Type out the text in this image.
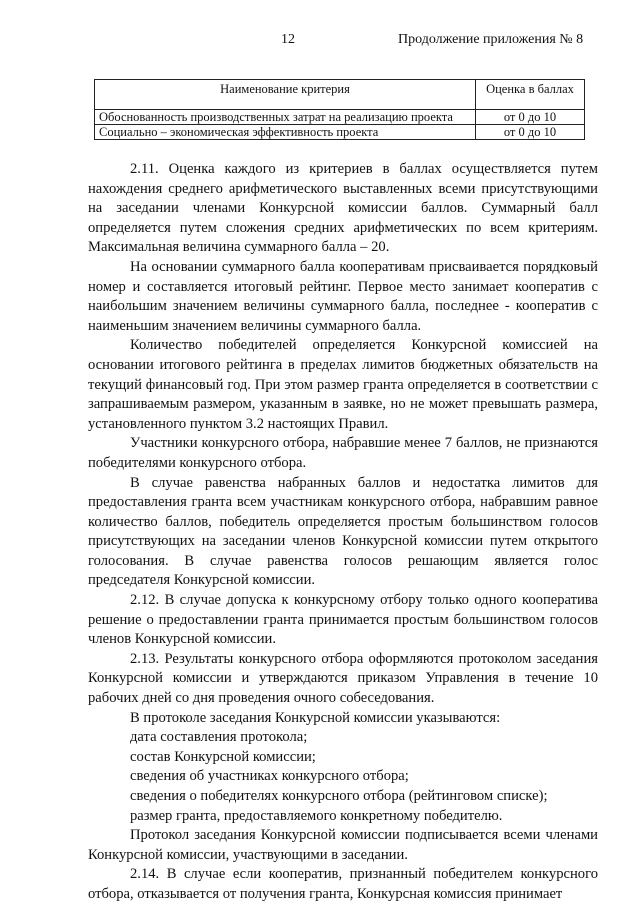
12	Продолжение приложения № 8
Наименование критерия	Оценка в баллах
Обоснованность производственных затрат на реализацию проекта	от 0 до 10
Социально – экономическая эффективность проекта	от 0 до 10

2.11. Оценка каждого из критериев в баллах осуществляется путем нахождения среднего арифметического выставленных всеми присутствующими на заседании членами Конкурсной комиссии баллов. Суммарный балл определяется путем сложения средних арифметических по всем критериям. Максимальная величина суммарного балла – 20.

На основании суммарного балла кооперативам присваивается порядковый номер и составляется итоговый рейтинг. Первое место занимает кооператив с наибольшим значением величины суммарного балла, последнее - кооператив с наименьшим значением величины суммарного балла.

Количество победителей определяется Конкурсной комиссией на основании итогового рейтинга в пределах лимитов бюджетных обязательств на текущий финансовый год. При этом размер гранта определяется в соответствии с запрашиваемым размером, указанным в заявке, но не может превышать размера, установленного пунктом 3.2 настоящих Правил.

Участники конкурсного отбора, набравшие менее 7 баллов, не признаются победителями конкурсного отбора.

В случае равенства набранных баллов и недостатка лимитов для предоставления гранта всем участникам конкурсного отбора, набравшим равное количество баллов, победитель определяется простым большинством голосов присутствующих на заседании членов Конкурсной комиссии путем открытого голосования. В случае равенства голосов решающим является голос председателя Конкурсной комиссии.

2.12. В случае допуска к конкурсному отбору только одного кооператива решение о предоставлении гранта принимается простым большинством голосов членов Конкурсной комиссии.

2.13. Результаты конкурсного отбора оформляются протоколом заседания Конкурсной комиссии и утверждаются приказом Управления в течение 10 рабочих дней со дня проведения очного собеседования.

В протоколе заседания Конкурсной комиссии указываются:

дата составления протокола;

состав Конкурсной комиссии;

сведения об участниках конкурсного отбора;

сведения о победителях конкурсного отбора (рейтинговом списке);

размер гранта, предоставляемого конкретному победителю.

Протокол заседания Конкурсной комиссии подписывается всеми членами Конкурсной комиссии, участвующими в заседании.

2.14. В случае если кооператив, признанный победителем конкурсного отбора, отказывается от получения гранта, Конкурсная комиссия принимает
